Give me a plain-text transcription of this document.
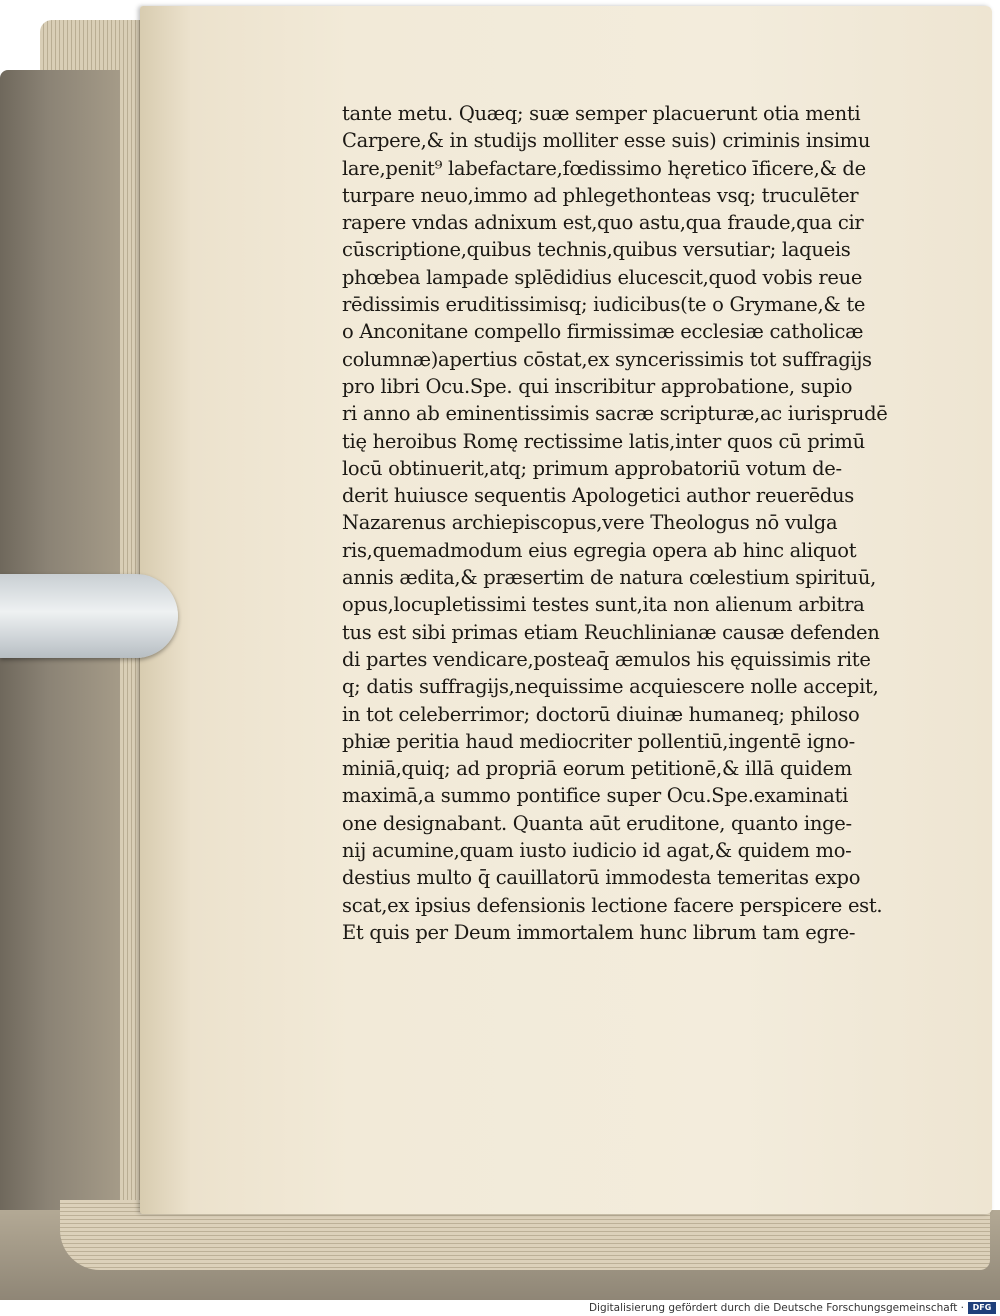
tante metu. Quæq; suæ semper placuerunt otia menti
Carpere,& in studijs molliter esse suis) criminis insimu
lare,penit⁹ labefactare,fœdissimo hęretico īficere,& de
turpare neuo,immo ad phlegethonteas vsq; truculēter
rapere vndas adnixum est,quo astu,qua fraude,qua cir
cūscriptione,quibus technis,quibus versutiar; laqueis
phœbea lampade splēdidius elucescit,quod vobis reue
rēdissimis eruditissimisq; iudicibus(te o Grymane,& te
o Anconitane compello firmissimæ ecclesiæ catholicæ
columnæ)apertius cōstat,ex syncerissimis tot suffragijs
pro libri Ocu.Spe. qui inscribitur approbatione, supio
ri anno ab eminentissimis sacræ scripturæ,ac iurisprudē
tię heroibus Romę rectissime latis,inter quos cū primū
locū obtinuerit,atq; primum approbatoriū votum de-
derit huiusce sequentis Apologetici author reuerēdus
Nazarenus archiepiscopus,vere Theologus nō vulga
ris,quemadmodum eius egregia opera ab hinc aliquot
annis ædita,& præsertim de natura cœlestium spirituū,
opus,locupletissimi testes sunt,ita non alienum arbitra
tus est sibi primas etiam Reuchlinianæ causæ defenden
di partes vendicare,posteaq̄ æmulos his ęquissimis rite
q; datis suffragijs,nequissime acquiescere nolle accepit,
in tot celeberrimor; doctorū diuinæ humaneq; philoso
phiæ peritia haud mediocriter pollentiū,ingentē igno-
miniā,quiq; ad propriā eorum petitionē,& illā quidem
maximā,a summo pontifice super Ocu.Spe.examinati
one designabant. Quanta aūt eruditone, quanto inge-
nij acumine,quam iusto iudicio id agat,& quidem mo-
destius multo q̄ cauillatorū immodesta temeritas expo
scat,ex ipsius defensionis lectione facere perspicere est.
Et quis per Deum immortalem hunc librum tam egre-
Digitalisierung gefördert durch die Deutsche Forschungsgemeinschaft ·	DFG
